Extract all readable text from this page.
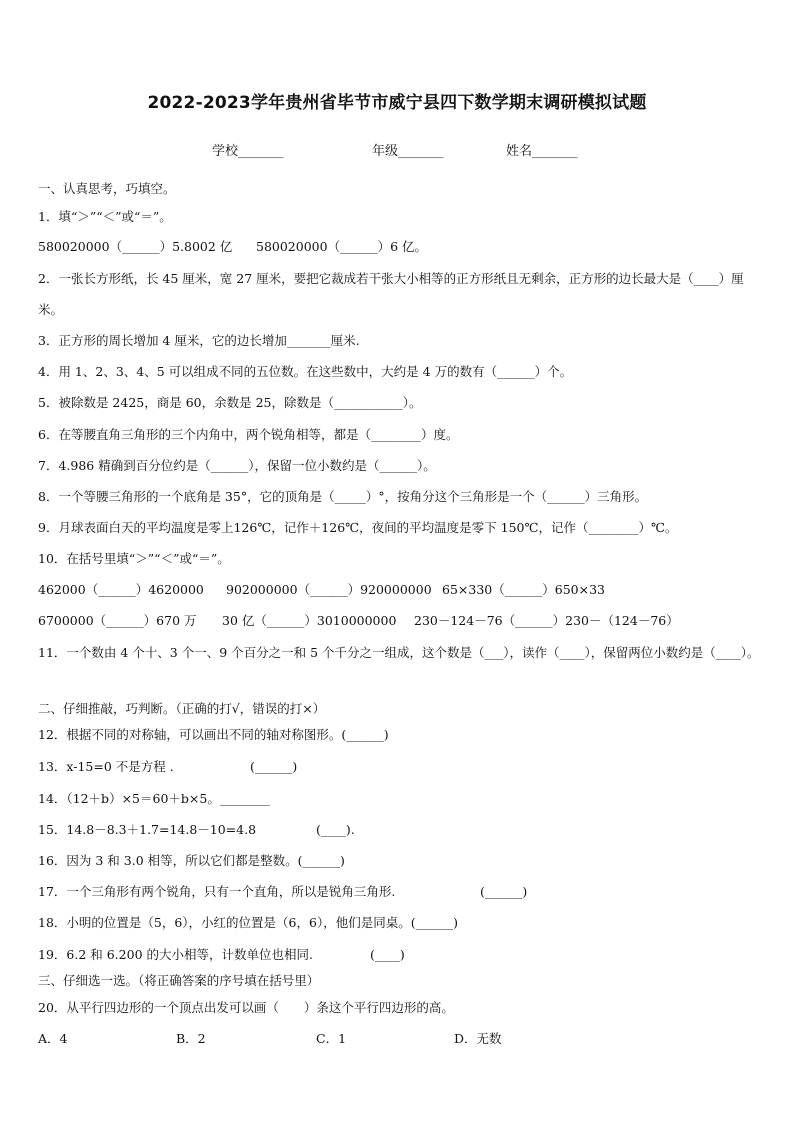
2022-2023学年贵州省毕节市威宁县四下数学期末调研模拟试题
学校_______	年级_______	姓名_______
一、认真思考，巧填空。
1．填“＞”“＜”或“＝”。
580020000（______）5.8002 亿 580020000（______）6 亿。
2．一张长方形纸，长 45 厘米，宽 27 厘米，要把它裁成若干张大小相等的正方形纸且无剩余，正方形的边长最大是（____）厘米。
3．正方形的周长增加 4 厘米，它的边长增加_______厘米.
4．用 1、2、3、4、5 可以组成不同的五位数。在这些数中，大约是 4 万的数有（______）个。
5．被除数是 2425，商是 60，余数是 25，除数是（___________）。
6．在等腰直角三角形的三个内角中，两个锐角相等，都是（________）度。
7．4.986 精确到百分位约是（______），保留一位小数约是（______）。
8．一个等腰三角形的一个底角是 35°，它的顶角是（_____）°，按角分这个三角形是一个（______）三角形。
9．月球表面白天的平均温度是零上126℃，记作＋126℃，夜间的平均温度是零下 150℃，记作（________）℃。
10．在括号里填“＞”“＜”或“＝”。
462000（______）4620000 902000000（______）920000000 65×330（______）650×33
6700000（______）670 万 30 亿（______）3010000000 230－124－76（______）230－（124－76）
11．一个数由 4 个十、3 个一、9 个百分之一和 5 个千分之一组成，这个数是（___），读作（____），保留两位小数约是（____）。
二、仔细推敲，巧判断。（正确的打√，错误的打×）
12．根据不同的对称轴，可以画出不同的轴对称图形。(______)
13．x-15=0 不是方程 .	(______)
14．（12＋b）×5＝60＋b×5。________
15．14.8－8.3＋1.7=14.8－10=4.8	(____).
16．因为 3 和 3.0 相等，所以它们都是整数。(______)
17．一个三角形有两个锐角，只有一个直角，所以是锐角三角形.	(______)
18．小明的位置是（5，6），小红的位置是（6，6），他们是同桌。(______)
19．6.2 和 6.200 的大小相等，计数单位也相同.	(____)
三、仔细选一选。（将正确答案的序号填在括号里）
20．从平行四边形的一个顶点出发可以画（　　）条这个平行四边形的高。
A．4	B．2	C．1	D．无数
